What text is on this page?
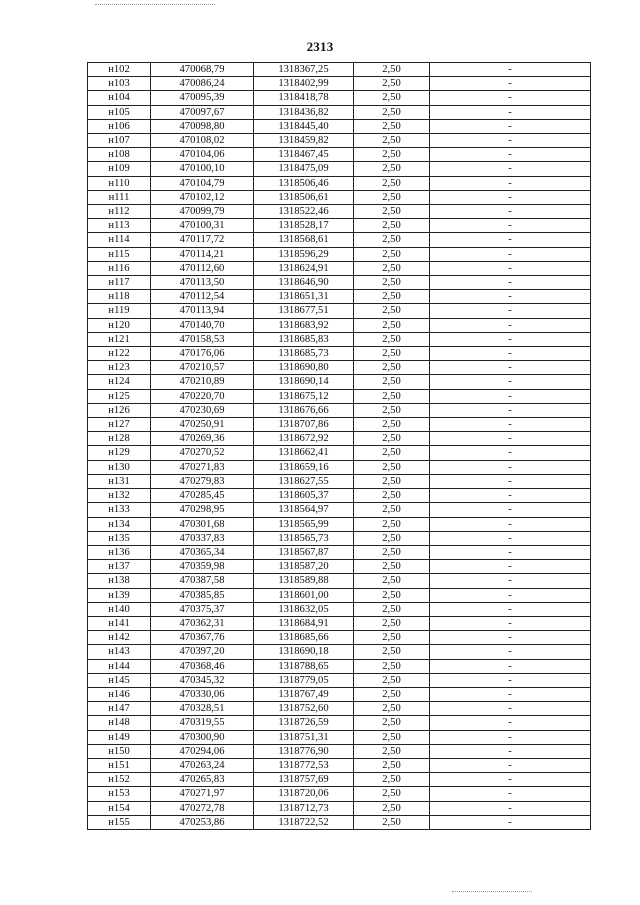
2313
н102	470068,79	1318367,25	2,50	-
н103	470086,24	1318402,99	2,50	-
н104	470095,39	1318418,78	2,50	-
н105	470097,67	1318436,82	2,50	-
н106	470098,80	1318445,40	2,50	-
н107	470108,02	1318459,82	2,50	-
н108	470104,06	1318467,45	2,50	-
н109	470100,10	1318475,09	2,50	-
н110	470104,79	1318506,46	2,50	-
н111	470102,12	1318506,61	2,50	-
н112	470099,79	1318522,46	2,50	-
н113	470100,31	1318528,17	2,50	-
н114	470117,72	1318568,61	2,50	-
н115	470114,21	1318596,29	2,50	-
н116	470112,60	1318624,91	2,50	-
н117	470113,50	1318646,90	2,50	-
н118	470112,54	1318651,31	2,50	-
н119	470113,94	1318677,51	2,50	-
н120	470140,70	1318683,92	2,50	-
н121	470158,53	1318685,83	2,50	-
н122	470176,06	1318685,73	2,50	-
н123	470210,57	1318690,80	2,50	-
н124	470210,89	1318690,14	2,50	-
н125	470220,70	1318675,12	2,50	-
н126	470230,69	1318676,66	2,50	-
н127	470250,91	1318707,86	2,50	-
н128	470269,36	1318672,92	2,50	-
н129	470270,52	1318662,41	2,50	-
н130	470271,83	1318659,16	2,50	-
н131	470279,83	1318627,55	2,50	-
н132	470285,45	1318605,37	2,50	-
н133	470298,95	1318564,97	2,50	-
н134	470301,68	1318565,99	2,50	-
н135	470337,83	1318565,73	2,50	-
н136	470365,34	1318567,87	2,50	-
н137	470359,98	1318587,20	2,50	-
н138	470387,58	1318589,88	2,50	-
н139	470385,85	1318601,00	2,50	-
н140	470375,37	1318632,05	2,50	-
н141	470362,31	1318684,91	2,50	-
н142	470367,76	1318685,66	2,50	-
н143	470397,20	1318690,18	2,50	-
н144	470368,46	1318788,65	2,50	-
н145	470345,32	1318779,05	2,50	-
н146	470330,06	1318767,49	2,50	-
н147	470328,51	1318752,60	2,50	-
н148	470319,55	1318726,59	2,50	-
н149	470300,90	1318751,31	2,50	-
н150	470294,06	1318776,90	2,50	-
н151	470263,24	1318772,53	2,50	-
н152	470265,83	1318757,69	2,50	-
н153	470271,97	1318720,06	2,50	-
н154	470272,78	1318712,73	2,50	-
н155	470253,86	1318722,52	2,50	-
